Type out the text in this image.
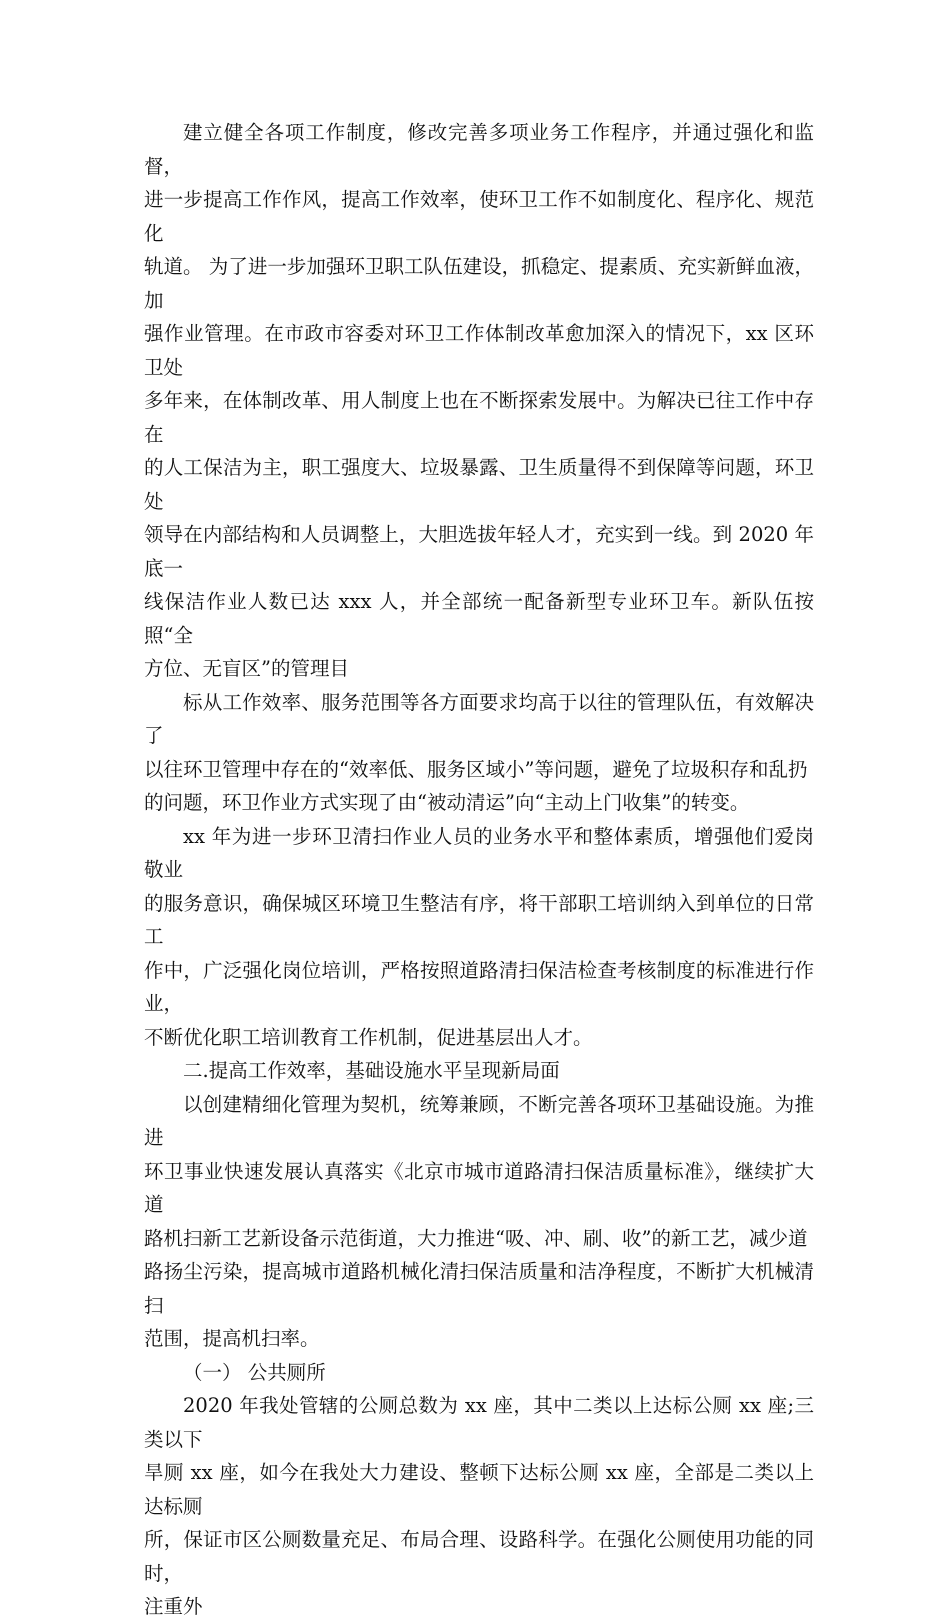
建立健全各项工作制度，修改完善多项业务工作程序，并通过强化和监督，
进一步提高工作作风，提高工作效率，使环卫工作不如制度化、程序化、规范化
轨道。 为了进一步加强环卫职工队伍建设，抓稳定、提素质、充实新鲜血液，加
强作业管理。在市政市容委对环卫工作体制改革愈加深入的情况下，xx 区环卫处
多年来，在体制改革、用人制度上也在不断探索发展中。为解决已往工作中存在
的人工保洁为主，职工强度大、垃圾暴露、卫生质量得不到保障等问题，环卫处
领导在内部结构和人员调整上，大胆选拔年轻人才，充实到一线。到 2020 年底一
线保洁作业人数已达 xxx 人，并全部统一配备新型专业环卫车。新队伍按照“全
方位、无盲区”的管理目

标从工作效率、服务范围等各方面要求均高于以往的管理队伍，有效解决了
以往环卫管理中存在的“效率低、服务区域小”等问题，避免了垃圾积存和乱扔
的问题，环卫作业方式实现了由“被动清运”向“主动上门收集”的转变。

xx 年为进一步环卫清扫作业人员的业务水平和整体素质，增强他们爱岗敬业
的服务意识，确保城区环境卫生整洁有序，将干部职工培训纳入到单位的日常工
作中，广泛强化岗位培训，严格按照道路清扫保洁检查考核制度的标准进行作业，
不断优化职工培训教育工作机制，促进基层出人才。

二.提高工作效率，基础设施水平呈现新局面

以创建精细化管理为契机，统筹兼顾，不断完善各项环卫基础设施。为推进
环卫事业快速发展认真落实《北京市城市道路清扫保洁质量标准》，继续扩大道
路机扫新工艺新设备示范街道，大力推进“吸、冲、刷、收”的新工艺，减少道
路扬尘污染，提高城市道路机械化清扫保洁质量和洁净程度，不断扩大机械清扫
范围，提高机扫率。

（一） 公共厕所

2020 年我处管辖的公厕总数为 xx 座，其中二类以上达标公厕 xx 座;三类以下
旱厕 xx 座，如今在我处大力建设、整顿下达标公厕 xx 座，全部是二类以上达标厕
所，保证市区公厕数量充足、布局合理、设路科学。在强化公厕使用功能的同时，
注重外
